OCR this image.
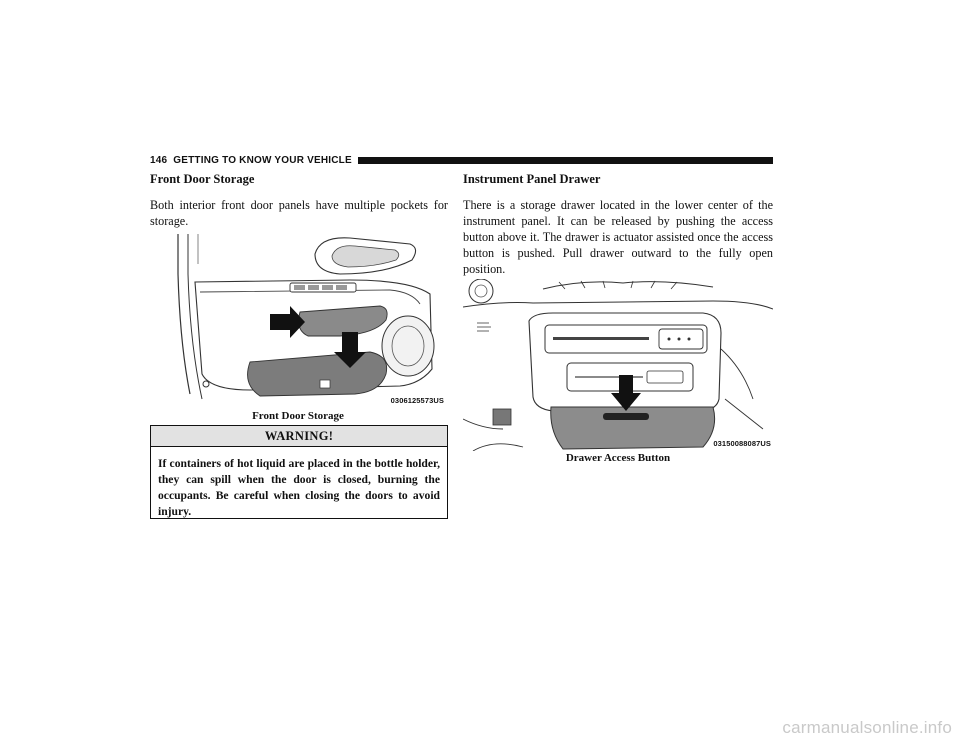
146 GETTING TO KNOW YOUR VEHICLE
Front Door Storage

Both interior front door panels have multiple pockets for storage.

0306125573US
Front Door Storage
WARNING!
If containers of hot liquid are placed in the bottle holder, they can spill when the door is closed, burning the occupants. Be careful when closing the doors to avoid injury.
Instrument Panel Drawer

There is a storage drawer located in the lower center of the instrument panel. It can be released by pushing the access button above it. The drawer is actuator assisted once the access button is pushed. Pull drawer outward to the fully open position.

03150088087US
Drawer Access Button
carmanualsonline.info
